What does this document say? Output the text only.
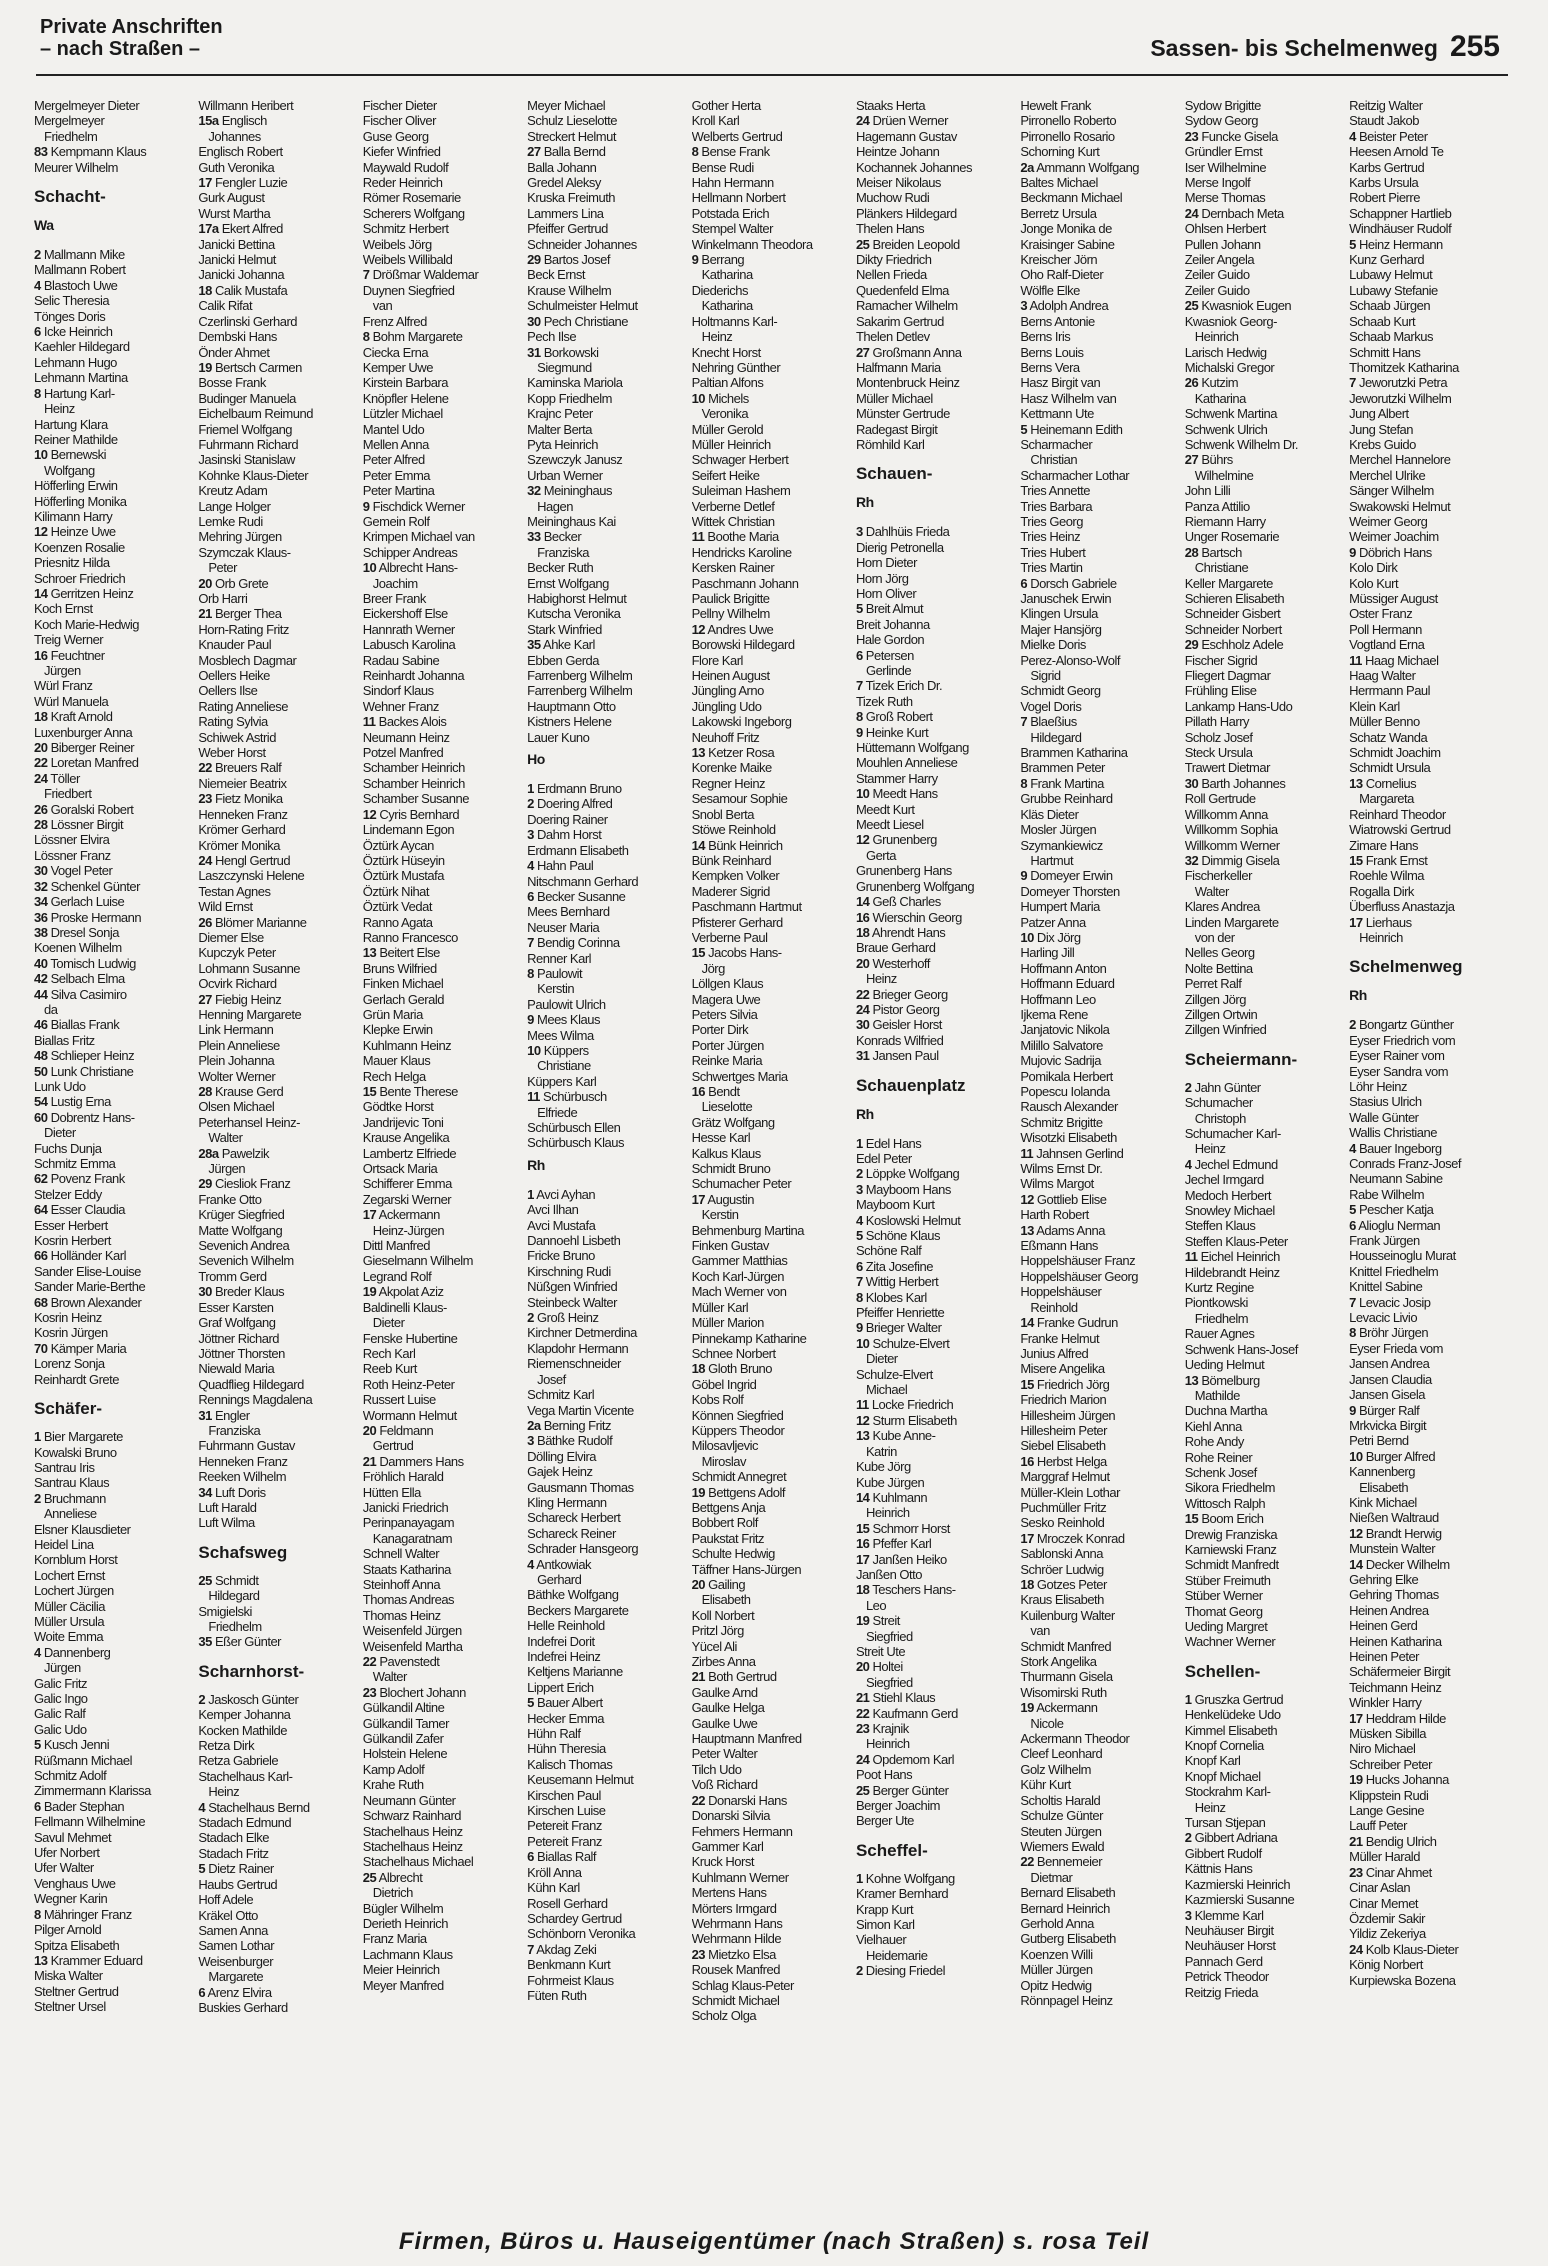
Private Anschriften
– nach Straßen –	Sassen- bis Schelmenweg 255
Mergelmeyer Dieter
Mergelmeyer
Friedhelm
83 Kempmann Klaus
Meurer Wilhelm
Schacht-
Wa
2 Mallmann Mike
Mallmann Robert
4 Blastoch Uwe
Selic Theresia
Tönges Doris
6 Icke Heinrich
Kaehler Hildegard
Lehmann Hugo
Lehmann Martina
8 Hartung Karl-
Heinz
Hartung Klara
Reiner Mathilde
10 Bernewski
Wolfgang
Höfferling Erwin
Höfferling Monika
Kilimann Harry
12 Heinze Uwe
Koenzen Rosalie
Priesnitz Hilda
Schroer Friedrich
14 Gerritzen Heinz
Koch Ernst
Koch Marie-Hedwig
Treig Werner
16 Feuchtner
Jürgen
Würl Franz
Würl Manuela
18 Kraft Arnold
Luxenburger Anna
20 Biberger Reiner
22 Loretan Manfred
24 Töller
Friedbert
26 Goralski Robert
28 Lössner Birgit
Lössner Elvira
Lössner Franz
30 Vogel Peter
32 Schenkel Günter
34 Gerlach Luise
36 Proske Hermann
38 Dresel Sonja
Koenen Wilhelm
40 Tomisch Ludwig
42 Selbach Elma
44 Silva Casimiro
da
46 Biallas Frank
Biallas Fritz
48 Schlieper Heinz
50 Lunk Christiane
Lunk Udo
54 Lustig Erna
60 Dobrentz Hans-
Dieter
Fuchs Dunja
Schmitz Emma
62 Povenz Frank
Stelzer Eddy
64 Esser Claudia
Esser Herbert
Kosrin Herbert
66 Holländer Karl
Sander Elise-Louise
Sander Marie-Berthe
68 Brown Alexander
Kosrin Heinz
Kosrin Jürgen
70 Kämper Maria
Lorenz Sonja
Reinhardt Grete
Schäfer-
1 Bier Margarete
Kowalski Bruno
Santrau Iris
Santrau Klaus
2 Bruchmann
Anneliese
Elsner Klausdieter
Heidel Lina
Kornblum Horst
Lochert Ernst
Lochert Jürgen
Müller Cäcilia
Müller Ursula
Woite Emma
4 Dannenberg
Jürgen
Galic Fritz
Galic Ingo
Galic Ralf
Galic Udo
5 Kusch Jenni
Rüßmann Michael
Schmitz Adolf
Zimmermann Klarissa
6 Bader Stephan
Fellmann Wilhelmine
Savul Mehmet
Ufer Norbert
Ufer Walter
Venghaus Uwe
Wegner Karin
8 Mähringer Franz
Pilger Arnold
Spitza Elisabeth
13 Krammer Eduard
Miska Walter
Steltner Gertrud
Steltner Ursel
Willmann Heribert
15a Englisch
Johannes
Englisch Robert
Guth Veronika
17 Fengler Luzie
Gurk August
Wurst Martha
17a Ekert Alfred
Janicki Bettina
Janicki Helmut
Janicki Johanna
18 Calik Mustafa
Calik Rifat
Czerlinski Gerhard
Dembski Hans
Önder Ahmet
19 Bertsch Carmen
Bosse Frank
Budinger Manuela
Eichelbaum Reimund
Friemel Wolfgang
Fuhrmann Richard
Jasinski Stanislaw
Kohnke Klaus-Dieter
Kreutz Adam
Lange Holger
Lemke Rudi
Mehring Jürgen
Szymczak Klaus-
Peter
20 Orb Grete
Orb Harri
21 Berger Thea
Horn-Rating Fritz
Knauder Paul
Mosblech Dagmar
Oellers Heike
Oellers Ilse
Rating Anneliese
Rating Sylvia
Schiwek Astrid
Weber Horst
22 Breuers Ralf
Niemeier Beatrix
23 Fietz Monika
Henneken Franz
Krömer Gerhard
Krömer Monika
24 Hengl Gertrud
Laszczynski Helene
Testan Agnes
Wild Ernst
26 Blömer Marianne
Diemer Else
Kupczyk Peter
Lohmann Susanne
Ocvirk Richard
27 Fiebig Heinz
Henning Margarete
Link Hermann
Plein Anneliese
Plein Johanna
Wolter Werner
28 Krause Gerd
Olsen Michael
Peterhansel Heinz-
Walter
28a Pawelzik
Jürgen
29 Ciesliok Franz
Franke Otto
Krüger Siegfried
Matte Wolfgang
Sevenich Andrea
Sevenich Wilhelm
Tromm Gerd
30 Breder Klaus
Esser Karsten
Graf Wolfgang
Jöttner Richard
Jöttner Thorsten
Niewald Maria
Quadflieg Hildegard
Rennings Magdalena
31 Engler
Franziska
Fuhrmann Gustav
Henneken Franz
Reeken Wilhelm
34 Luft Doris
Luft Harald
Luft Wilma
Schafsweg
25 Schmidt
Hildegard
Smigielski
Friedhelm
35 Eßer Günter
Scharnhorst-
2 Jaskosch Günter
Kemper Johanna
Kocken Mathilde
Retza Dirk
Retza Gabriele
Stachelhaus Karl-
Heinz
4 Stachelhaus Bernd
Stadach Edmund
Stadach Elke
Stadach Fritz
5 Dietz Rainer
Haubs Gertrud
Hoff Adele
Kräkel Otto
Samen Anna
Samen Lothar
Weisenburger
Margarete
6 Arenz Elvira
Buskies Gerhard
Fischer Dieter
Fischer Oliver
Guse Georg
Kiefer Winfried
Maywald Rudolf
Reder Heinrich
Römer Rosemarie
Scherers Wolfgang
Schmitz Herbert
Weibels Jörg
Weibels Willibald
7 Drößmar Waldemar
Duynen Siegfried
van
Frenz Alfred
8 Bohm Margarete
Ciecka Erna
Kemper Uwe
Kirstein Barbara
Knöpfler Helene
Lützler Michael
Mantel Udo
Mellen Anna
Peter Alfred
Peter Emma
Peter Martina
9 Fischdick Werner
Gemein Rolf
Krimpen Michael van
Schipper Andreas
10 Albrecht Hans-
Joachim
Breer Frank
Eickershoff Else
Hannrath Werner
Labusch Karolina
Radau Sabine
Reinhardt Johanna
Sindorf Klaus
Wehner Franz
11 Backes Alois
Neumann Heinz
Potzel Manfred
Schamber Heinrich
Schamber Heinrich
Schamber Susanne
12 Cyris Bernhard
Lindemann Egon
Öztürk Aycan
Öztürk Hüseyin
Öztürk Mustafa
Öztürk Nihat
Öztürk Vedat
Ranno Agata
Ranno Francesco
13 Beitert Else
Bruns Wilfried
Finken Michael
Gerlach Gerald
Grün Maria
Klepke Erwin
Kuhlmann Heinz
Mauer Klaus
Rech Helga
15 Bente Therese
Gödtke Horst
Jandrijevic Toni
Krause Angelika
Lambertz Elfriede
Ortsack Maria
Schifferer Emma
Zegarski Werner
17 Ackermann
Heinz-Jürgen
Dittl Manfred
Gieselmann Wilhelm
Legrand Rolf
19 Akpolat Aziz
Baldinelli Klaus-
Dieter
Fenske Hubertine
Rech Karl
Reeb Kurt
Roth Heinz-Peter
Russert Luise
Wormann Helmut
20 Feldmann
Gertrud
21 Dammers Hans
Fröhlich Harald
Hütten Ella
Janicki Friedrich
Perinpanayagam
Kanagaratnam
Schnell Walter
Staats Katharina
Steinhoff Anna
Thomas Andreas
Thomas Heinz
Weisenfeld Jürgen
Weisenfeld Martha
22 Pavenstedt
Walter
23 Blochert Johann
Gülkandil Altine
Gülkandil Tamer
Gülkandil Zafer
Holstein Helene
Kamp Adolf
Krahe Ruth
Neumann Günter
Schwarz Rainhard
Stachelhaus Heinz
Stachelhaus Heinz
Stachelhaus Michael
25 Albrecht
Dietrich
Bügler Wilhelm
Derieth Heinrich
Franz Maria
Lachmann Klaus
Meier Heinrich
Meyer Manfred
Meyer Michael
Schulz Lieselotte
Streckert Helmut
27 Balla Bernd
Balla Johann
Gredel Aleksy
Kruska Freimuth
Lammers Lina
Pfeiffer Gertrud
Schneider Johannes
29 Bartos Josef
Beck Ernst
Krause Wilhelm
Schulmeister Helmut
30 Pech Christiane
Pech Ilse
31 Borkowski
Siegmund
Kaminska Mariola
Kopp Friedhelm
Krajnc Peter
Malter Berta
Pyta Heinrich
Szewczyk Janusz
Urban Werner
32 Meininghaus
Hagen
Meininghaus Kai
33 Becker
Franziska
Becker Ruth
Ernst Wolfgang
Habighorst Helmut
Kutscha Veronika
Stark Winfried
35 Ahke Karl
Ebben Gerda
Farrenberg Wilhelm
Farrenberg Wilhelm
Hauptmann Otto
Kistners Helene
Lauer Kuno
Ho
1 Erdmann Bruno
2 Doering Alfred
Doering Rainer
3 Dahm Horst
Erdmann Elisabeth
4 Hahn Paul
Nitschmann Gerhard
6 Becker Susanne
Mees Bernhard
Neuser Maria
7 Bendig Corinna
Renner Karl
8 Paulowit
Kerstin
Paulowit Ulrich
9 Mees Klaus
Mees Wilma
10 Küppers
Christiane
Küppers Karl
11 Schürbusch
Elfriede
Schürbusch Ellen
Schürbusch Klaus
Rh
1 Avci Ayhan
Avci Ilhan
Avci Mustafa
Dannoehl Lisbeth
Fricke Bruno
Kirschning Rudi
Nüßgen Winfried
Steinbeck Walter
2 Groß Heinz
Kirchner Detmerdina
Klapdohr Hermann
Riemenschneider
Josef
Schmitz Karl
Vega Martin Vicente
2a Berning Fritz
3 Bäthke Rudolf
Dölling Elvira
Gajek Heinz
Gausmann Thomas
Kling Hermann
Schareck Herbert
Schareck Reiner
Schrader Hansgeorg
4 Antkowiak
Gerhard
Bäthke Wolfgang
Beckers Margarete
Helle Reinhold
Indefrei Dorit
Indefrei Heinz
Keltjens Marianne
Lippert Erich
5 Bauer Albert
Hecker Emma
Hühn Ralf
Hühn Theresia
Kalisch Thomas
Keusemann Helmut
Kirschen Paul
Kirschen Luise
Petereit Franz
Petereit Franz
6 Biallas Ralf
Kröll Anna
Kühn Karl
Rosell Gerhard
Schardey Gertrud
Schönborn Veronika
7 Akdag Zeki
Benkmann Kurt
Fohrmeist Klaus
Füten Ruth
Gother Herta
Kroll Karl
Welberts Gertrud
8 Bense Frank
Bense Rudi
Hahn Hermann
Hellmann Norbert
Potstada Erich
Stempel Walter
Winkelmann Theodora
9 Berrang
Katharina
Diederichs
Katharina
Holtmanns Karl-
Heinz
Knecht Horst
Nehring Günther
Paltian Alfons
10 Michels
Veronika
Müller Gerold
Müller Heinrich
Schwager Herbert
Seifert Heike
Suleiman Hashem
Verberne Detlef
Wittek Christian
11 Boothe Maria
Hendricks Karoline
Kersken Rainer
Paschmann Johann
Paulick Brigitte
Pellny Wilhelm
12 Andres Uwe
Borowski Hildegard
Flore Karl
Heinen August
Jüngling Arno
Jüngling Udo
Lakowski Ingeborg
Neuhoff Fritz
13 Ketzer Rosa
Korenke Maike
Regner Heinz
Sesamour Sophie
Snobl Berta
Stöwe Reinhold
14 Bünk Heinrich
Bünk Reinhard
Kempken Volker
Maderer Sigrid
Paschmann Hartmut
Pfisterer Gerhard
Verberne Paul
15 Jacobs Hans-
Jörg
Löllgen Klaus
Magera Uwe
Peters Silvia
Porter Dirk
Porter Jürgen
Reinke Maria
Schwertges Maria
16 Bendt
Lieselotte
Grätz Wolfgang
Hesse Karl
Kalkus Klaus
Schmidt Bruno
Schumacher Peter
17 Augustin
Kerstin
Behmenburg Martina
Finken Gustav
Gammer Matthias
Koch Karl-Jürgen
Mach Werner von
Müller Karl
Müller Marion
Pinnekamp Katharine
Schnee Norbert
18 Gloth Bruno
Göbel Ingrid
Kobs Rolf
Können Siegfried
Küppers Theodor
Milosavljevic
Miroslav
Schmidt Annegret
19 Bettgens Adolf
Bettgens Anja
Bobbert Rolf
Paukstat Fritz
Schulte Hedwig
Täffner Hans-Jürgen
20 Gailing
Elisabeth
Koll Norbert
Pritzl Jörg
Yücel Ali
Zirbes Anna
21 Both Gertrud
Gaulke Arnd
Gaulke Helga
Gaulke Uwe
Hauptmann Manfred
Peter Walter
Tilch Udo
Voß Richard
22 Donarski Hans
Donarski Silvia
Fehmers Hermann
Gammer Karl
Kruck Horst
Kuhlmann Werner
Mertens Hans
Mörters Irmgard
Wehrmann Hans
Wehrmann Hilde
23 Mietzko Elsa
Rousek Manfred
Schlag Klaus-Peter
Schmidt Michael
Scholz Olga
Staaks Herta
24 Drüen Werner
Hagemann Gustav
Heintze Johann
Kochannek Johannes
Meiser Nikolaus
Muchow Rudi
Plänkers Hildegard
Thelen Hans
25 Breiden Leopold
Dikty Friedrich
Nellen Frieda
Quedenfeld Elma
Ramacher Wilhelm
Sakarim Gertrud
Thelen Detlev
27 Großmann Anna
Halfmann Maria
Montenbruck Heinz
Müller Michael
Münster Gertrude
Radegast Birgit
Römhild Karl
Schauen-
Rh
3 Dahlhüis Frieda
Dierig Petronella
Horn Dieter
Horn Jörg
Horn Oliver
5 Breit Almut
Breit Johanna
Hale Gordon
6 Petersen
Gerlinde
7 Tizek Erich Dr.
Tizek Ruth
8 Groß Robert
9 Heinke Kurt
Hüttemann Wolfgang
Mouhlen Anneliese
Stammer Harry
10 Meedt Hans
Meedt Kurt
Meedt Liesel
12 Grunenberg
Gerta
Grunenberg Hans
Grunenberg Wolfgang
14 Geß Charles
16 Wierschin Georg
18 Ahrendt Hans
Braue Gerhard
20 Westerhoff
Heinz
22 Brieger Georg
24 Pistor Georg
30 Geisler Horst
Konrads Wilfried
31 Jansen Paul
Schauenplatz
Rh
1 Edel Hans
Edel Peter
2 Löppke Wolfgang
3 Mayboom Hans
Mayboom Kurt
4 Koslowski Helmut
5 Schöne Klaus
Schöne Ralf
6 Zita Josefine
7 Wittig Herbert
8 Klobes Karl
Pfeiffer Henriette
9 Brieger Walter
10 Schulze-Elvert
Dieter
Schulze-Elvert
Michael
11 Locke Friedrich
12 Sturm Elisabeth
13 Kube Anne-
Katrin
Kube Jörg
Kube Jürgen
14 Kuhlmann
Heinrich
15 Schmorr Horst
16 Pfeffer Karl
17 Janßen Heiko
Janßen Otto
18 Teschers Hans-
Leo
19 Streit
Siegfried
Streit Ute
20 Holtei
Siegfried
21 Stiehl Klaus
22 Kaufmann Gerd
23 Krajnik
Heinrich
24 Opdemom Karl
Poot Hans
25 Berger Günter
Berger Joachim
Berger Ute
Scheffel-
1 Kohne Wolfgang
Kramer Bernhard
Krapp Kurt
Simon Karl
Vielhauer
Heidemarie
2 Diesing Friedel
Hewelt Frank
Pirronello Roberto
Pirronello Rosario
Schorning Kurt
2a Ammann Wolfgang
Baltes Michael
Beckmann Michael
Berretz Ursula
Jonge Monika de
Kraisinger Sabine
Kreischer Jörn
Oho Ralf-Dieter
Wölfle Elke
3 Adolph Andrea
Berns Antonie
Berns Iris
Berns Louis
Berns Vera
Hasz Birgit van
Hasz Wilhelm van
Kettmann Ute
5 Heinemann Edith
Scharmacher
Christian
Scharmacher Lothar
Tries Annette
Tries Barbara
Tries Georg
Tries Heinz
Tries Hubert
Tries Martin
6 Dorsch Gabriele
Janusсhek Erwin
Klingen Ursula
Majer Hansjörg
Mielke Doris
Perez-Alonso-Wolf
Sigrid
Schmidt Georg
Vogel Doris
7 Blaeßius
Hildegard
Brammen Katharina
Brammen Peter
8 Frank Martina
Grubbe Reinhard
Kläs Dieter
Mosler Jürgen
Szymankiewicz
Hartmut
9 Domeyer Erwin
Domeyer Thorsten
Humpert Maria
Patzer Anna
10 Dix Jörg
Harling Jill
Hoffmann Anton
Hoffmann Eduard
Hoffmann Leo
Ijkema Rene
Janjatovic Nikola
Milillo Salvatore
Mujovic Sadrija
Pomikala Herbert
Popescu Iolanda
Rausch Alexander
Schmitz Brigitte
Wisotzki Elisabeth
11 Jahnsen Gerlind
Wilms Ernst Dr.
Wilms Margot
12 Gottlieb Elise
Harth Robert
13 Adams Anna
Eßmann Hans
Hoppelshäuser Franz
Hoppelshäuser Georg
Hoppelshäuser
Reinhold
14 Franke Gudrun
Franke Helmut
Junius Alfred
Misere Angelika
15 Friedrich Jörg
Friedrich Marion
Hillesheim Jürgen
Hillesheim Peter
Siebel Elisabeth
16 Herbst Helga
Marggraf Helmut
Müller-Klein Lothar
Puchmüller Fritz
Sesko Reinhold
17 Mroczek Konrad
Sablonski Anna
Schröer Ludwig
18 Gotzes Peter
Kraus Elisabeth
Kuilenburg Walter
van
Schmidt Manfred
Stork Angelika
Thurmann Gisela
Wisomirski Ruth
19 Ackermann
Nicole
Ackermann Theodor
Cleef Leonhard
Golz Wilhelm
Kühr Kurt
Scholtis Harald
Schulze Günter
Steuten Jürgen
Wiemers Ewald
22 Bennemeier
Dietmar
Bernard Elisabeth
Bernard Heinrich
Gerhold Anna
Gutberg Elisabeth
Koenzen Willi
Müller Jürgen
Opitz Hedwig
Rönnpagel Heinz
Sydow Brigitte
Sydow Georg
23 Funcke Gisela
Gründler Ernst
Iser Wilhelmine
Merse Ingolf
Merse Thomas
24 Dernbach Meta
Ohlsen Herbert
Pullen Johann
Zeiler Angela
Zeiler Guido
Zeiler Guido
25 Kwasniok Eugen
Kwasniok Georg-
Heinrich
Larisch Hedwig
Michalski Gregor
26 Kutzim
Katharina
Schwenk Martina
Schwenk Ulrich
Schwenk Wilhelm Dr.
27 Bührs
Wilhelmine
John Lilli
Panza Attilio
Riemann Harry
Unger Rosemarie
28 Bartsch
Christiane
Keller Margarete
Schieren Elisabeth
Schneider Gisbert
Schneider Norbert
29 Eschholz Adele
Fischer Sigrid
Fliegert Dagmar
Frühling Elise
Lankamp Hans-Udo
Pillath Harry
Scholz Josef
Steck Ursula
Trawert Dietmar
30 Barth Johannes
Roll Gertrude
Willkomm Anna
Willkomm Sophia
Willkomm Werner
32 Dimmig Gisela
Fischerkeller
Walter
Klares Andrea
Linden Margarete
von der
Nelles Georg
Nolte Bettina
Perret Ralf
Zillgen Jörg
Zillgen Ortwin
Zillgen Winfried
Scheiermann-
2 Jahn Günter
Schumacher
Christoph
Schumacher Karl-
Heinz
4 Jechel Edmund
Jechel Irmgard
Medoch Herbert
Snowley Michael
Steffen Klaus
Steffen Klaus-Peter
11 Eichel Heinrich
Hildebrandt Heinz
Kurtz Regine
Piontkowski
Friedhelm
Rauer Agnes
Schwenk Hans-Josef
Ueding Helmut
13 Bömelburg
Mathilde
Duchna Martha
Kiehl Anna
Rohe Andy
Rohe Reiner
Schenk Josef
Sikora Friedhelm
Wittosch Ralph
15 Boom Erich
Drewig Franziska
Karniewski Franz
Schmidt Manfredt
Stüber Freimuth
Stüber Werner
Thomat Georg
Ueding Margret
Wachner Werner
Schellen-
1 Gruszka Gertrud
Henkelüdeke Udo
Kimmel Elisabeth
Knopf Cornelia
Knopf Karl
Knopf Michael
Stockrahm Karl-
Heinz
Tursan Stjepan
2 Gibbert Adriana
Gibbert Rudolf
Kättnis Hans
Kazmierski Heinrich
Kazmierski Susanne
3 Klemme Karl
Neuhäuser Birgit
Neuhäuser Horst
Pannach Gerd
Petrick Theodor
Reitzig Frieda
Reitzig Walter
Staudt Jakob
4 Beister Peter
Heesen Arnold Te
Karbs Gertrud
Karbs Ursula
Robert Pierre
Schappner Hartlieb
Windhäuser Rudolf
5 Heinz Hermann
Kunz Gerhard
Lubawy Helmut
Lubawy Stefanie
Schaab Jürgen
Schaab Kurt
Schaab Markus
Schmitt Hans
Thomitzek Katharina
7 Jeworutzki Petra
Jeworutzki Wilhelm
Jung Albert
Jung Stefan
Krebs Guido
Merchel Hannelore
Merchel Ulrike
Sänger Wilhelm
Swakowski Helmut
Weimer Georg
Weimer Joachim
9 Döbrich Hans
Kolo Dirk
Kolo Kurt
Müssiger August
Oster Franz
Poll Hermann
Vogtland Erna
11 Haag Michael
Haag Walter
Herrmann Paul
Klein Karl
Müller Benno
Schatz Wanda
Schmidt Joachim
Schmidt Ursula
13 Cornelius
Margareta
Reinhard Theodor
Wiatrowski Gertrud
Zimare Hans
15 Frank Ernst
Roehle Wilma
Rogalla Dirk
Überfluss Anastazja
17 Lierhaus
Heinrich
Schelmenweg
Rh
2 Bongartz Günther
Eyser Friedrich vom
Eyser Rainer vom
Eyser Sandra vom
Löhr Heinz
Stasius Ulrich
Walle Günter
Wallis Christiane
4 Bauer Ingeborg
Conrads Franz-Josef
Neumann Sabine
Rabe Wilhelm
5 Pescher Katja
6 Alioglu Nerman
Frank Jürgen
Housseinoglu Murat
Knittel Friedhelm
Knittel Sabine
7 Levacic Josip
Levacic Livio
8 Bröhr Jürgen
Eyser Frieda vom
Jansen Andrea
Jansen Claudia
Jansen Gisela
9 Bürger Ralf
Mrkvicka Birgit
Petri Bernd
10 Burger Alfred
Kannenberg
Elisabeth
Kink Michael
Nießen Waltraud
12 Brandt Herwig
Munstein Walter
14 Decker Wilhelm
Gehring Elke
Gehring Thomas
Heinen Andrea
Heinen Gerd
Heinen Katharina
Heinen Peter
Schäfermeier Birgit
Teichmann Heinz
Winkler Harry
17 Heddram Hilde
Müsken Sibilla
Niro Michael
Schreiber Peter
19 Hucks Johanna
Klippstein Rudi
Lange Gesine
Lauff Peter
21 Bendig Ulrich
Müller Harald
23 Cinar Ahmet
Cinar Aslan
Cinar Memet
Özdemir Sakir
Yildiz Zekeriya
24 Kolb Klaus-Dieter
König Norbert
Kurpiewska Bozena
Firmen, Büros u. Hauseigentümer (nach Straßen) s. rosa Teil
